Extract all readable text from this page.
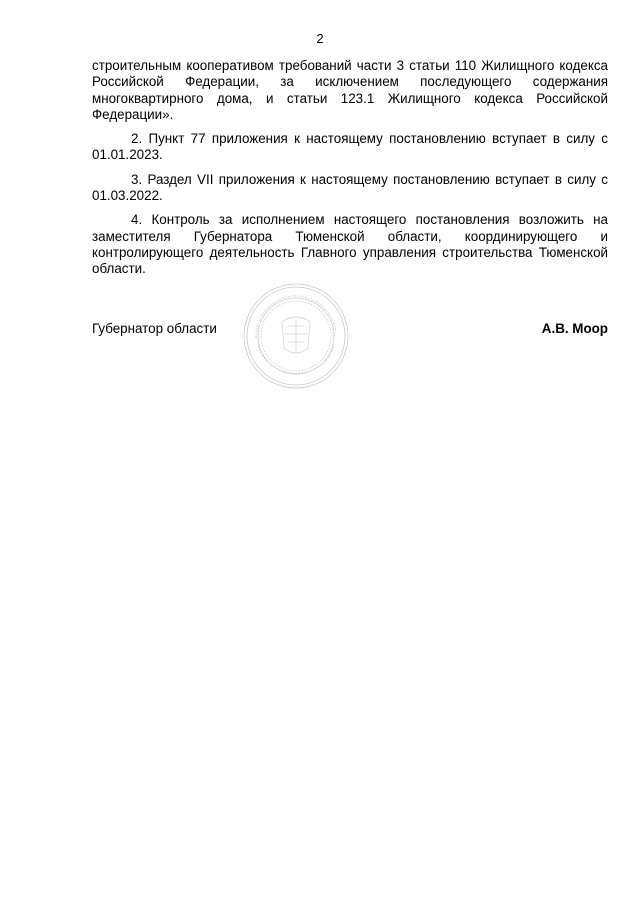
2

строительным кооперативом требований части 3 статьи 110 Жилищного кодекса Российской Федерации, за исключением последующего содержания многоквартирного дома, и статьи 123.1 Жилищного кодекса Российской Федерации».

2. Пункт 77 приложения к настоящему постановлению вступает в силу с 01.01.2023.

3. Раздел VII приложения к настоящему постановлению вступает в силу с 01.03.2022.

4. Контроль за исполнением настоящего постановления возложить на заместителя Губернатора Тюменской области, координирующего и контролирующего деятельность Главного управления строительства Тюменской области.

Губернатор области	А.В. Моор
